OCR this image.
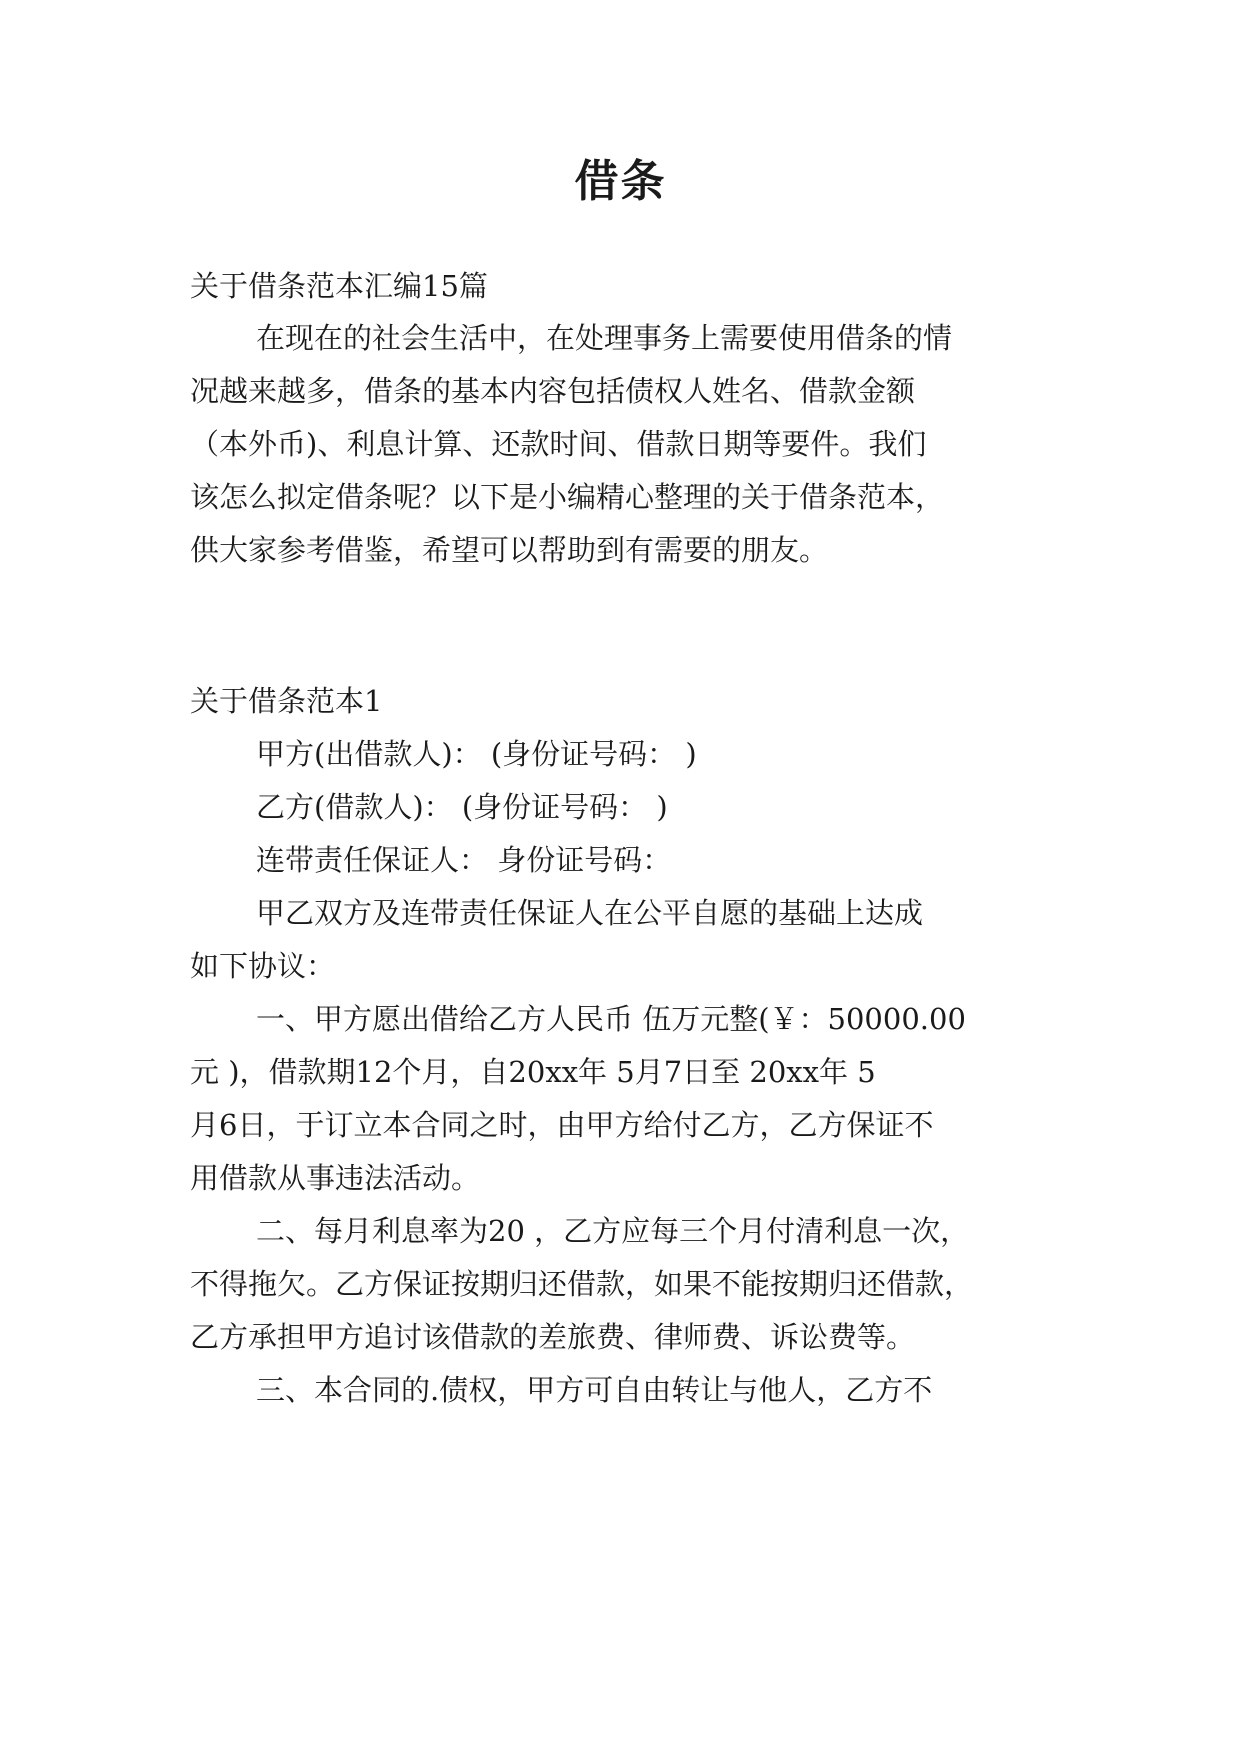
借条

关于借条范本汇编15篇

在现在的社会生活中，在处理事务上需要使用借条的情

况越来越多，借条的基本内容包括债权人姓名、借款金额

（本外币)、利息计算、还款时间、借款日期等要件。我们

该怎么拟定借条呢？以下是小编精心整理的关于借条范本，

供大家参考借鉴，希望可以帮助到有需要的朋友。

关于借条范本1

甲方(出借款人)： (身份证号码： )

乙方(借款人)： (身份证号码： )

连带责任保证人： 身份证号码：

甲乙双方及连带责任保证人在公平自愿的基础上达成

如下协议：

一、甲方愿出借给乙方人民币 伍万元整(￥：50000.00

元 )，借款期12个月，自20xx年 5月7日至 20xx年 5

月6日，于订立本合同之时，由甲方给付乙方，乙方保证不

用借款从事违法活动。

二、每月利息率为20 ，乙方应每三个月付清利息一次，

不得拖欠。乙方保证按期归还借款，如果不能按期归还借款，

乙方承担甲方追讨该借款的差旅费、律师费、诉讼费等。

三、本合同的.债权，甲方可自由转让与他人，乙方不
